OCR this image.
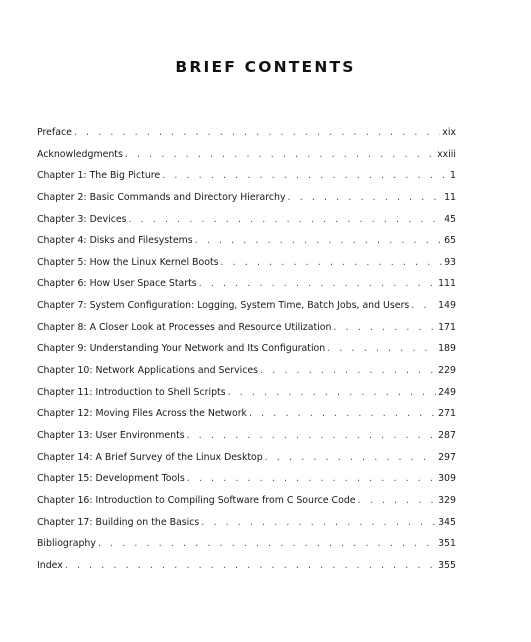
BRIEF CONTENTS
Preface . . .	xix
Acknowledgments . . .	xxiii
Chapter 1: The Big Picture . . .	1
Chapter 2: Basic Commands and Directory Hierarchy . . .	11
Chapter 3: Devices . . .	45
Chapter 4: Disks and Filesystems . . .	65
Chapter 5: How the Linux Kernel Boots . . .	93
Chapter 6: How User Space Starts . . .	111
Chapter 7: System Configuration: Logging, System Time, Batch Jobs, and Users . . .	149
Chapter 8: A Closer Look at Processes and Resource Utilization . . .	171
Chapter 9: Understanding Your Network and Its Configuration . . .	189
Chapter 10: Network Applications and Services . . .	229
Chapter 11: Introduction to Shell Scripts . . .	249
Chapter 12: Moving Files Across the Network . . .	271
Chapter 13: User Environments . . .	287
Chapter 14: A Brief Survey of the Linux Desktop . . .	297
Chapter 15: Development Tools . . .	309
Chapter 16: Introduction to Compiling Software from C Source Code . . .	329
Chapter 17: Building on the Basics . . .	345
Bibliography . . .	351
Index . . .	355
